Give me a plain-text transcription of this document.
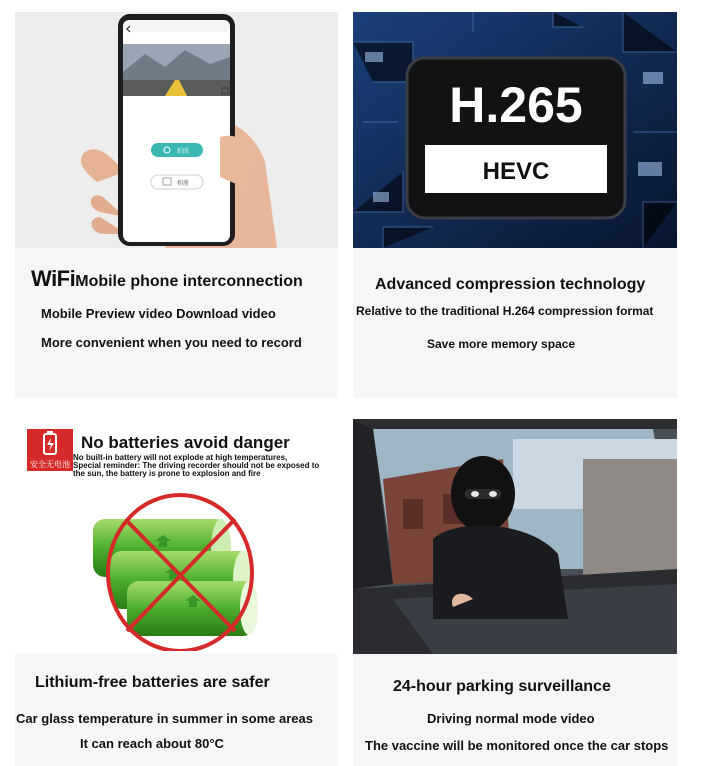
拍照
相册
WiFiMobile phone interconnection
Mobile Preview video Download video
More convenient when you need to record
H.265
HEVC
Advanced compression technology
Relative to the traditional H.264 compression format
Save more memory space
安全无电池
No batteries avoid danger
No built-in battery will not explode at high temperatures,
Special reminder: The driving recorder should not be exposed to
the sun, the battery is prone to explosion and fire
Lithium-free batteries are safer
Car glass temperature in summer in some areas
It can reach about 80°C
24-hour parking surveillance
Driving normal mode video
The vaccine will be monitored once the car stops
